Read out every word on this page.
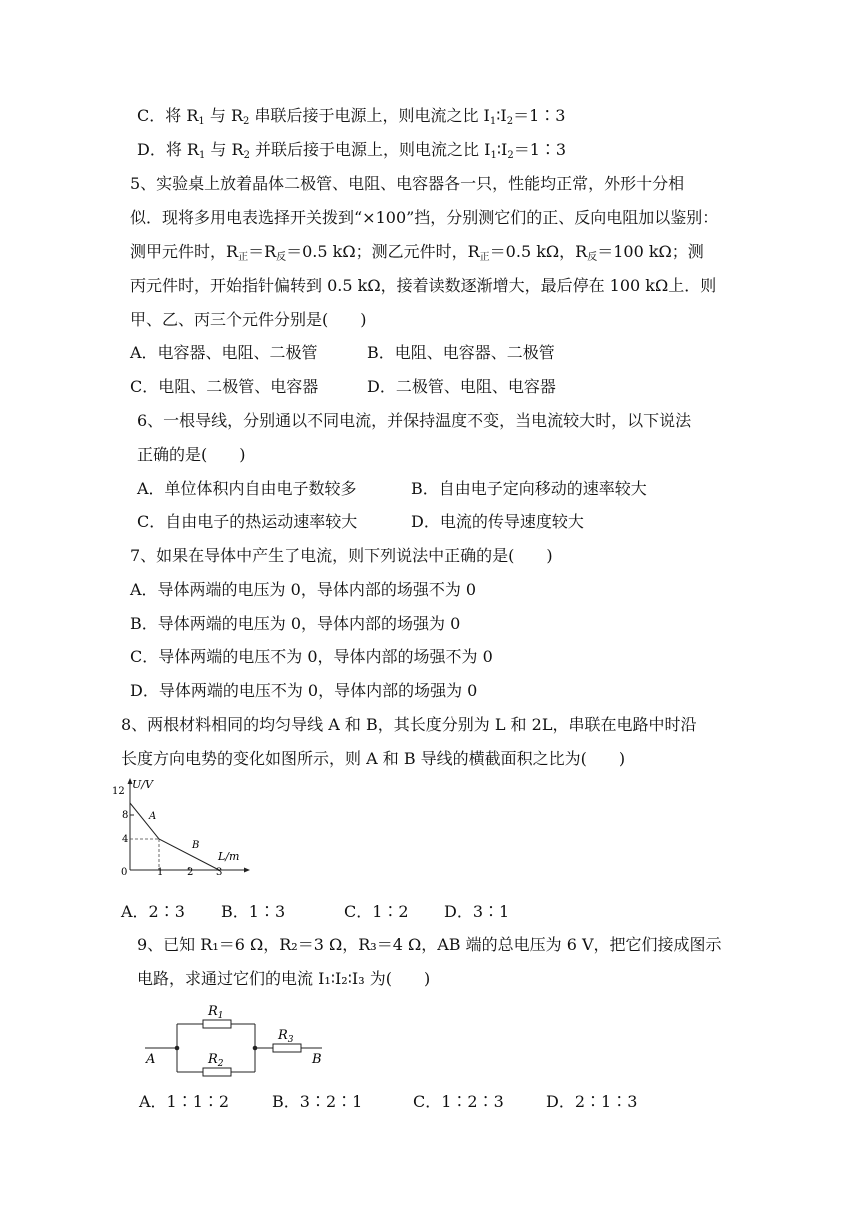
C．将 $R_1$ 与 $R_2$ 串联后接于电源上，则电流之比 $I_1∶I_2=1∶3$
D．将 $R_1$ 与 $R_2$ 并联后接于电源上，则电流之比 $I_1∶I_2=1∶3$
5、实验桌上放着晶体二极管、电阻、电容器各一只，性能均正常，外形十分相
似．现将多用电表选择开关拨到“×100”挡，分别测它们的正、反向电阻加以鉴别：
测甲元件时，R正＝R反＝0.5 kΩ；测乙元件时，R正＝0.5 kΩ，R反＝100 kΩ；测
丙元件时，开始指针偏转到 0.5 kΩ，接着读数逐渐增大，最后停在 100 kΩ上．则
甲、乙、丙三个元件分别是(　　)
A．电容器、电阻、二极管	B．电阻、电容器、二极管
C．电阻、二极管、电容器	D．二极管、电阻、电容器
6、一根导线，分别通以不同电流，并保持温度不变，当电流较大时，以下说法
正确的是(　　)
A．单位体积内自由电子数较多	B．自由电子定向移动的速率较大
C．自由电子的热运动速率较大	D．电流的传导速度较大
7、如果在导体中产生了电流，则下列说法中正确的是(　　)
A．导体两端的电压为 0，导体内部的场强不为 0
B．导体两端的电压为 0，导体内部的场强为 0
C．导体两端的电压不为 0，导体内部的场强不为 0
D．导体两端的电压不为 0，导体内部的场强为 0
8、两根材料相同的均匀导线 A 和 B，其长度分别为 L 和 2L，串联在电路中时沿
长度方向电势的变化如图所示，则 A 和 B 导线的横截面积之比为(　　)
U/V
12
8
4
0	1 2 3
L/m
A
B
A．2∶3 B．1∶3	C．1∶2 D．3∶1
9、已知 R₁＝6 Ω，R₂＝3 Ω，R₃＝4 Ω，AB 端的总电压为 6 V，把它们接成图示
电路，求通过它们的电流 I₁∶I₂∶I₃ 为(　　)
$R_1$
$R_2$
$R_3$
A	B
A．1∶1∶2	B．3∶2∶1	C．1∶2∶3	D．2∶1∶3
